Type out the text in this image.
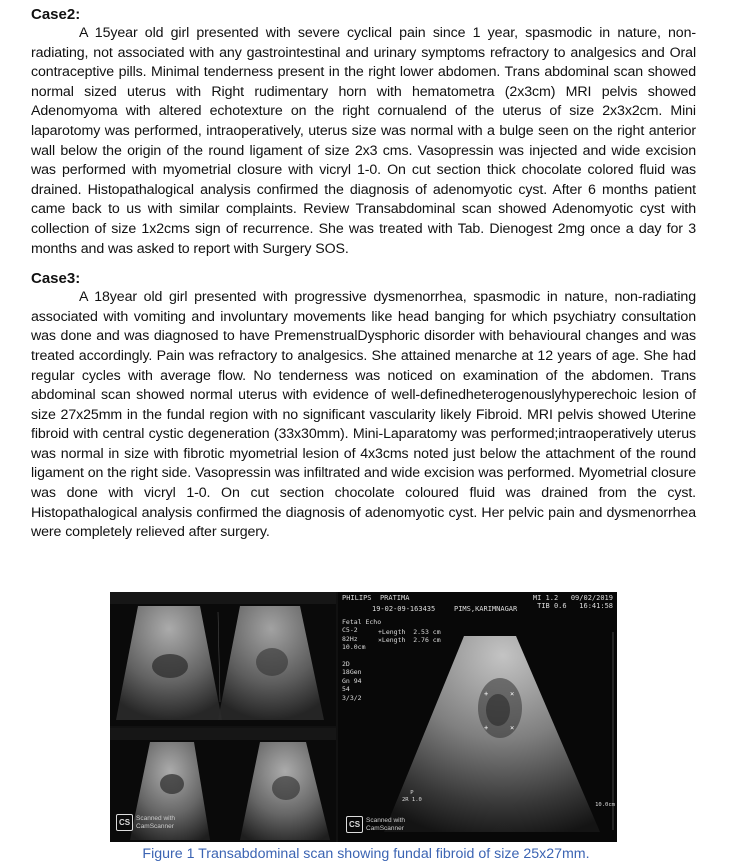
Case2:

A 15year old girl presented with severe cyclical pain since 1 year, spasmodic in nature, non-radiating, not associated with any gastrointestinal and urinary symptoms refractory to analgesics and Oral contraceptive pills. Minimal tenderness present in the right lower abdomen. Trans abdominal scan showed normal sized uterus with Right rudimentary horn with hematometra (2x3cm) MRI pelvis showed Adenomyoma with altered echotexture on the right cornualend of the uterus of size 2x3x2cm. Mini laparotomy was performed, intraoperatively, uterus size was normal with a bulge seen on the right anterior wall below the origin of the round ligament of size 2x3 cms. Vasopressin was injected and wide excision was performed with myometrial closure with vicryl 1-0. On cut section thick chocolate colored fluid was drained. Histopathalogical analysis confirmed the diagnosis of adenomyotic cyst. After 6 months patient came back to us with similar complaints. Review Transabdominal scan showed Adenomyotic cyst with collection of size 1x2cms sign of recurrence. She was treated with Tab. Dienogest 2mg once a day for 3 months and was asked to report with Surgery SOS.

Case3:

A 18year old girl presented with progressive dysmenorrhea, spasmodic in nature, non-radiating associated with vomiting and involuntary movements like head banging for which psychiatry consultation was done and was diagnosed to have PremenstrualDysphoric disorder with behavioural changes and was treated accordingly. Pain was refractory to analgesics. She attained menarche at 12 years of age. She had regular cycles with average flow. No tenderness was noticed on examination of the abdomen. Trans abdominal scan showed normal uterus with evidence of well-definedheterogenouslyhyperechoic lesion of size 27x25mm in the fundal region with no significant vascularity likely Fibroid. MRI pelvis showed Uterine fibroid with central cystic degeneration (33x30mm). Mini-Laparatomy was performed;intraoperatively uterus was normal in size with fibrotic myometrial lesion of 4x3cms noted just below the attachment of the round ligament on the right side. Vasopressin was infiltrated and wide excision was performed. Myometrial closure was done with vicryl 1-0. On cut section chocolate coloured fluid was drained from the cyst. Histopathalogical analysis confirmed the diagnosis of adenomyotic cyst. Her pelvic pain and dysmenorrhea were completely relieved after surgery.

CS Scanned with
CamScanner
+	×
+	×
PHILIPS PRATIMA
19-02-09-163435	PIMS,KARIMNAGAR
MI 1.2 09/02/2019
TIB 0.6 16:41:58
Fetal Echo
C5-2
82Hz
10.0cm

2D
18Gen
Gn 94
54
3/3/2
+Length 2.53 cm
×Length 2.76 cm
P
2R 1.0
10.0cm
CS Scanned with
CamScanner
Figure 1 Transabdominal scan showing fundal fibroid of size 25x27mm.
